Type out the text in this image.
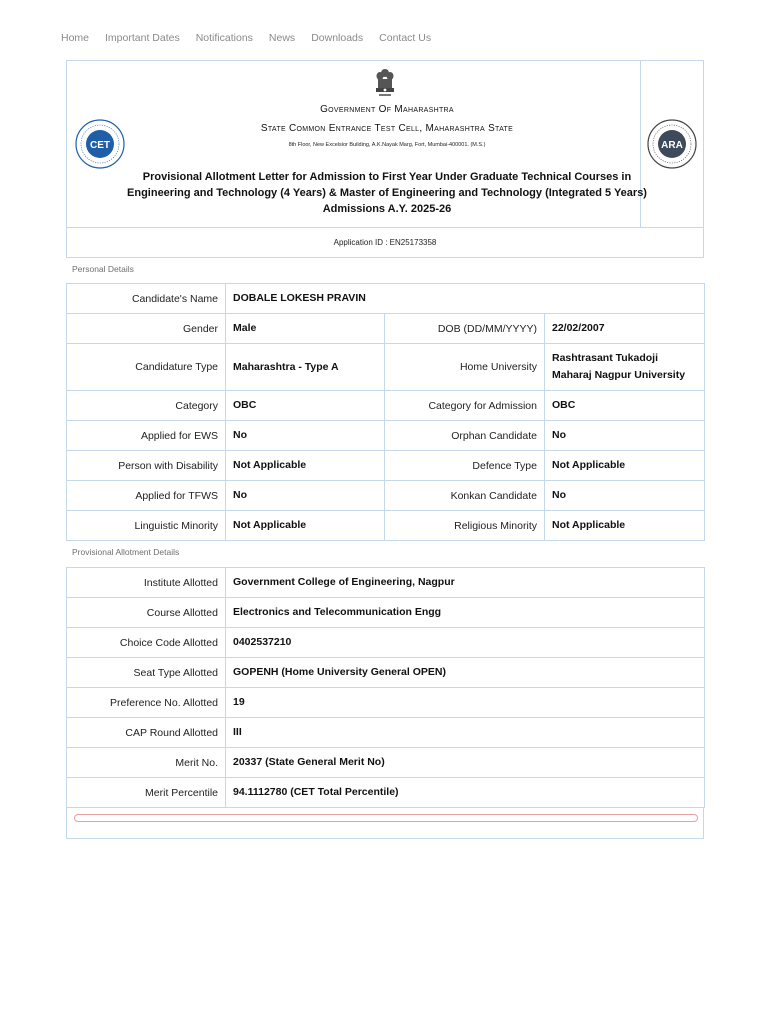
Home Important Dates Notifications News Downloads Contact Us
CET
Government Of Maharashtra
State Common Entrance Test Cell, Maharashtra State
8th Floor, New Excelsior Building, A.K.Nayak Marg, Fort, Mumbai-400001. (M.S.)
Provisional Allotment Letter for Admission to First Year Under Graduate Technical Courses in Engineering and Technology (4 Years) & Master of Engineering and Technology (Integrated 5 Years) Admissions A.Y. 2025-26
ARA
Application ID : EN25173358
Personal Details
Candidate's Name	DOBALE LOKESH PRAVIN		
Gender	Male	DOB (DD/MM/YYYY)	22/02/2007
Candidature Type	Maharashtra - Type A	Home University	Rashtrasant Tukadoji Maharaj Nagpur University
Category	OBC	Category for Admission	OBC
Applied for EWS	No	Orphan Candidate	No
Person with Disability	Not Applicable	Defence Type	Not Applicable
Applied for TFWS	No	Konkan Candidate	No
Linguistic Minority	Not Applicable	Religious Minority	Not Applicable
Provisional Allotment Details
Institute Allotted	Government College of Engineering, Nagpur
Course Allotted	Electronics and Telecommunication Engg
Choice Code Allotted	0402537210
Seat Type Allotted	GOPENH (Home University General OPEN)
Preference No. Allotted	19
CAP Round Allotted	III
Merit No.	20337 (State General Merit No)
Merit Percentile	94.1112780 (CET Total Percentile)
